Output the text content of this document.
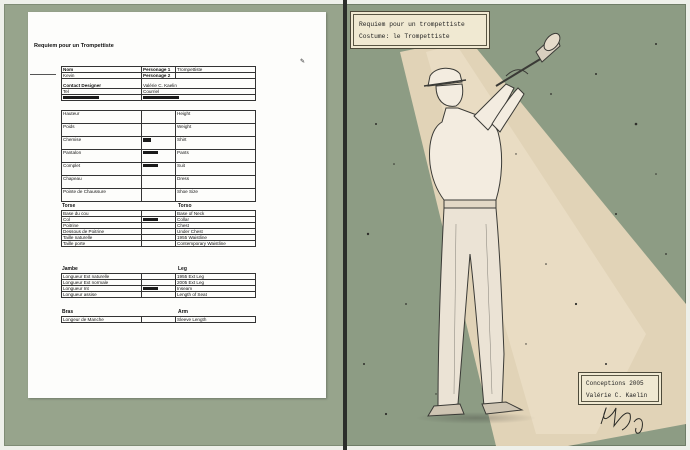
Requiem pour un Trompettiste
✎
Nom	Personage 1	Trompettiste
Kevin	Personage 2	
Contact Designer	Valérie C. Kaelin	
Tel	Courriel	

Hauteur		Height
Poids		Weight
Chemise		Shirt
Pantalon		Pants
Complet		Suit
Chapeau		Dress
Pointe de Chaussure		Shoe Size
Torse	Torso
Base du cou		Base of Neck
Col		Collar
Poitrine		Chest
Dessous de Poitrine		Under Chest
Taille naturelle		1955 Waistline
Taille porte		Contemporary Waistline
Jambe	Leg
Longueur Ext naturelle		1955 Ext Leg
Longueur Ext normale		2005 Ext Leg
Longueur Int		Inseam
Longueur assise		Length of Seat
Bras	Arm
Longeur de Manche		Sleeve Length
Requiem pour un trompettiste
Costume: le Trompettiste
Conceptions 2005
Valérie C. Kaelin
